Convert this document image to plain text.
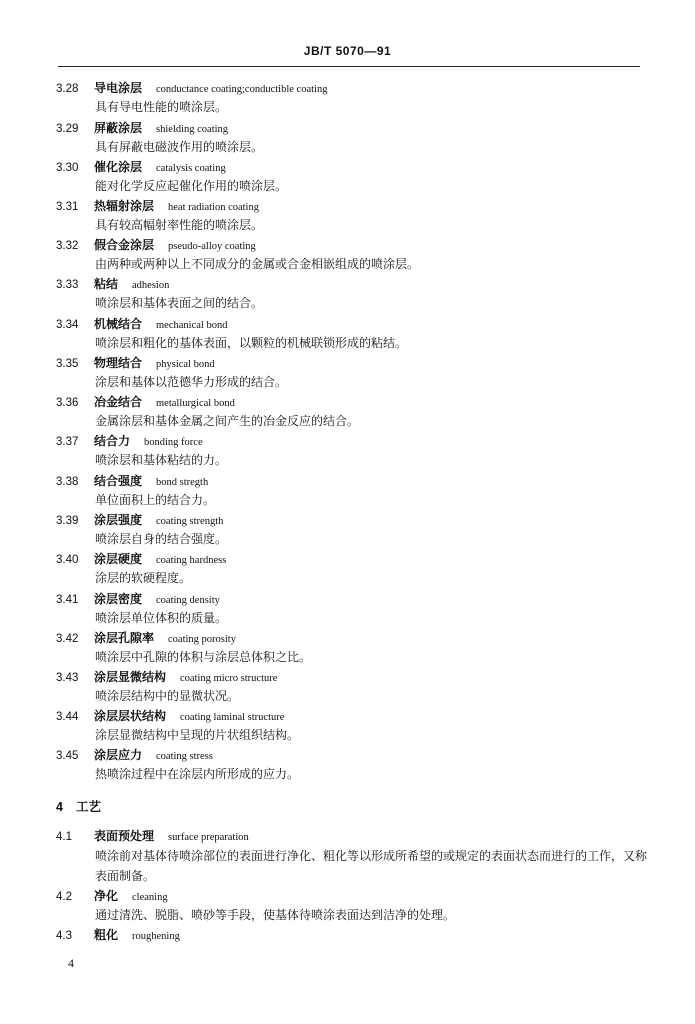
JB/T 5070—91
3.28 导电涂层 conductance coating;conductible coating
具有导电性能的喷涂层。
3.29 屏蔽涂层 shielding coating
具有屏蔽电磁波作用的喷涂层。
3.30 催化涂层 catalysis coating
能对化学反应起催化作用的喷涂层。
3.31 热辐射涂层 heat radiation coating
具有较高幅射率性能的喷涂层。
3.32 假合金涂层 pseudo-alloy coating
由两种或两种以上不同成分的金属或合金相嵌组成的喷涂层。
3.33 粘结 adhesion
喷涂层和基体表面之间的结合。
3.34 机械结合 mechanical bond
喷涂层和粗化的基体表面，以颗粒的机械联锁形成的粘结。
3.35 物理结合 physical bond
涂层和基体以范德华力形成的结合。
3.36 冶金结合 metallurgical bond
金属涂层和基体金属之间产生的冶金反应的结合。
3.37 结合力 bonding force
喷涂层和基体粘结的力。
3.38 结合强度 bond stregth
单位面积上的结合力。
3.39 涂层强度 coating strength
喷涂层自身的结合强度。
3.40 涂层硬度 coating hardness
涂层的软硬程度。
3.41 涂层密度 coating density
喷涂层单位体积的质量。
3.42 涂层孔隙率 coating porosity
喷涂层中孔隙的体积与涂层总体积之比。
3.43 涂层显微结构 coating micro structure
喷涂层结构中的显微状况。
3.44 涂层层状结构 coating laminal structure
涂层显微结构中呈现的片状组织结构。
3.45 涂层应力 coating stress
热喷涂过程中在涂层内所形成的应力。
4 工艺
4.1 表面预处理 surface preparation
喷涂前对基体待喷涂部位的表面进行净化、粗化等以形成所希望的或规定的表面状态而进行的工作，又称表面制备。
4.2 净化 cleaning
通过清洗、脱脂、喷砂等手段，使基体待喷涂表面达到洁净的处理。
4.3 粗化 roughening
4
